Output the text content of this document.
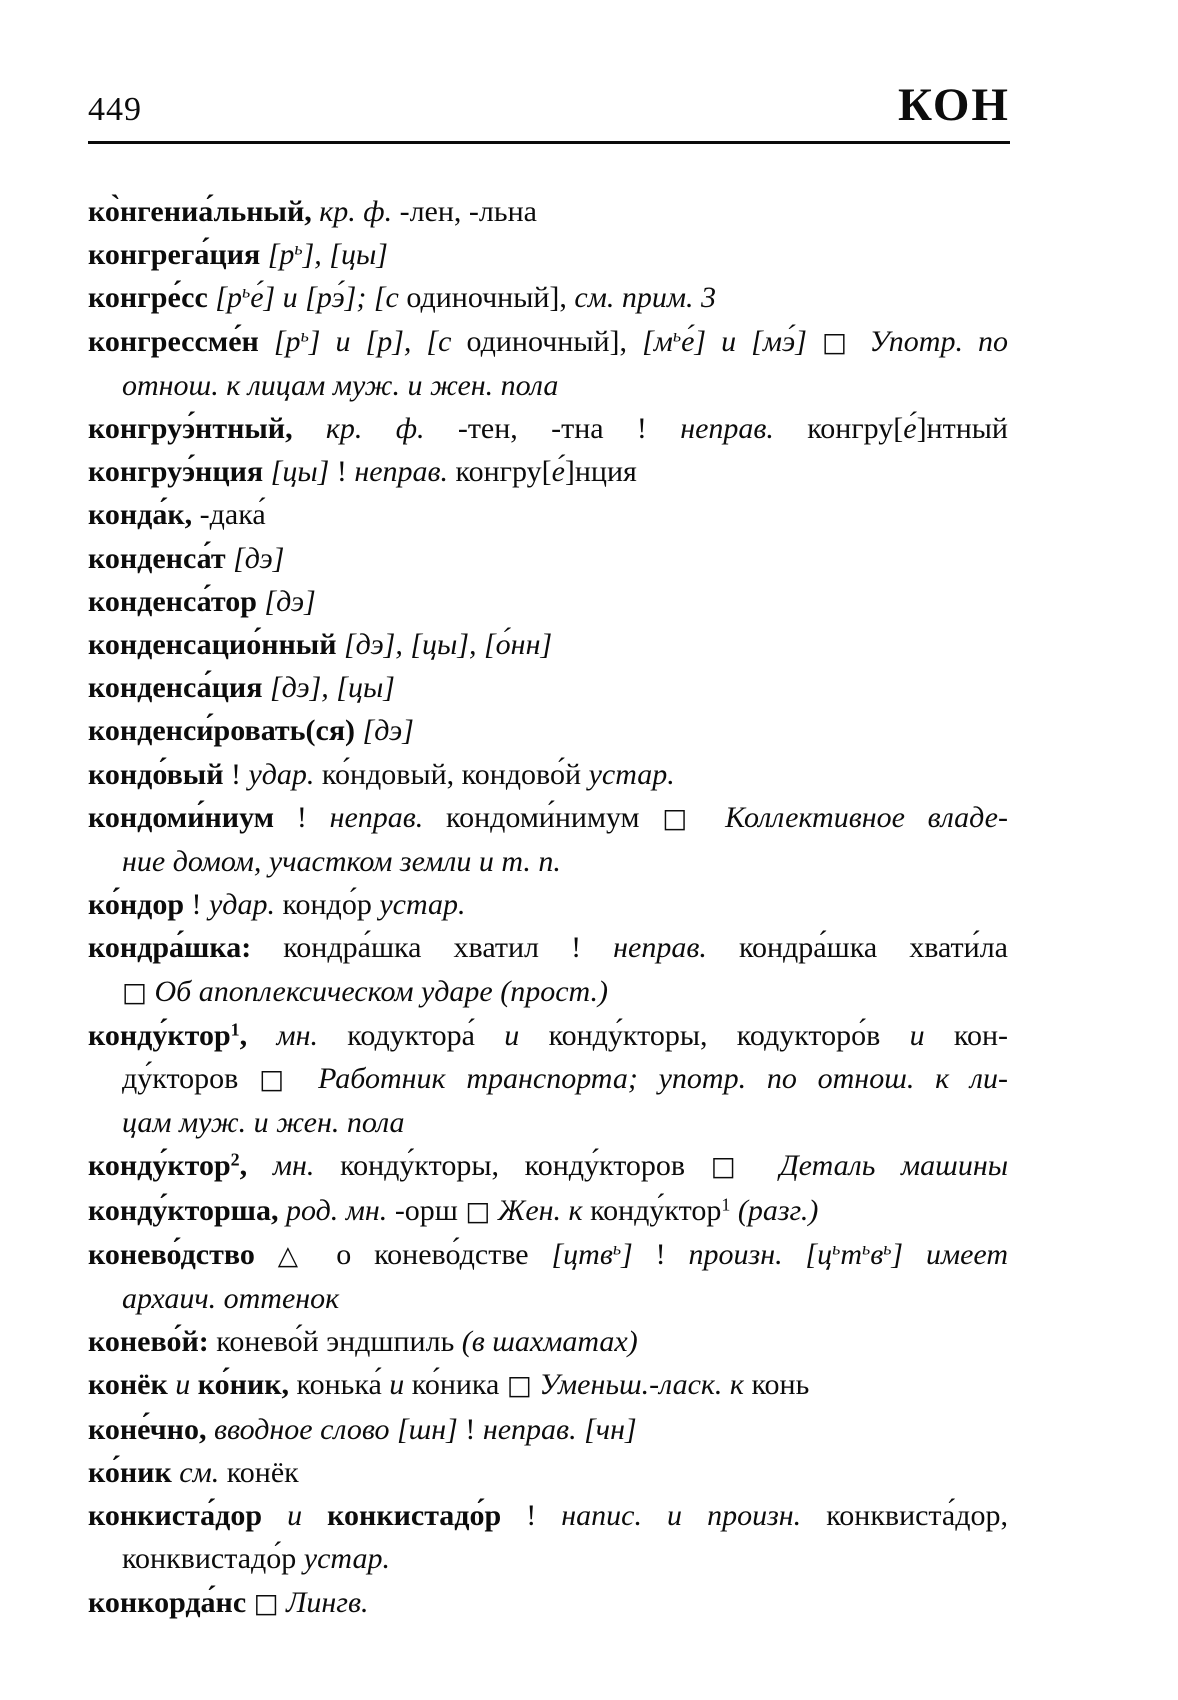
449	КОН
ко̀нгениа́льный, кр. ф. -лен, -льна
конгрега́ция $[р^ь]$, [цы]
конгре́сс $[р^ье́]$ и [рэ́]; [с одиночный], см. прим. 3
конгрессме́н $[р^ь]$ и [р], [с одиночный], $[м^ье́]$ и [мэ́] □ Употр. по
отнош. к лицам муж. и жен. пола
конгруэ́нтный, кр. ф. -тен, -тна ! неправ. конгру[е́]нтный
конгруэ́нция [цы] ! неправ. конгру[е́]нция
конда́к, -дака́
конденса́т [дэ]
конденса́тор [дэ]
конденсацио́нный [дэ], [цы], [о́нн]
конденса́ция [дэ], [цы]
конденси́ровать(ся) [дэ]
кондо́вый ! удар. ко́ндовый, кондово́й устар.
кондоми́ниум ! неправ. кондоми́нимум □ Коллективное владе-
ние домом, участком земли и т. п.
ко́ндор ! удар. кондо́р устар.
кондра́шка: кондра́шка хватил ! неправ. кондра́шка хвати́ла
□ Об апоплексическом ударе (прост.)
конду́ктор$^1$, мн. кодуктора́ и конду́кторы, кодукторо́в и кон-
ду́кторов □ Работник транспорта; употр. по отнош. к ли-
цам муж. и жен. пола
конду́ктор$^2$, мн. конду́кторы, конду́кторов □ Деталь машины
конду́кторша, род. мн. -орш □ Жен. к конду́ктор$^1$ (разг.)
конево́дство △ о конево́дстве [цтв$^ь$] ! произн. $[ц^ьт^ьв^ь]$ имеет
архаич. оттенок
конево́й: конево́й эндшпиль (в шахматах)
конёк и ко́ник, конька́ и ко́ника □ Уменьш.-ласк. к конь
коне́чно, вводное слово [шн] ! неправ. [чн]
ко́ник см. конёк
конкиста́дор и конкистадо́р ! напис. и произн. конквиста́дор,
конквистадо́р устар.
конкорда́нс □ Лингв.
